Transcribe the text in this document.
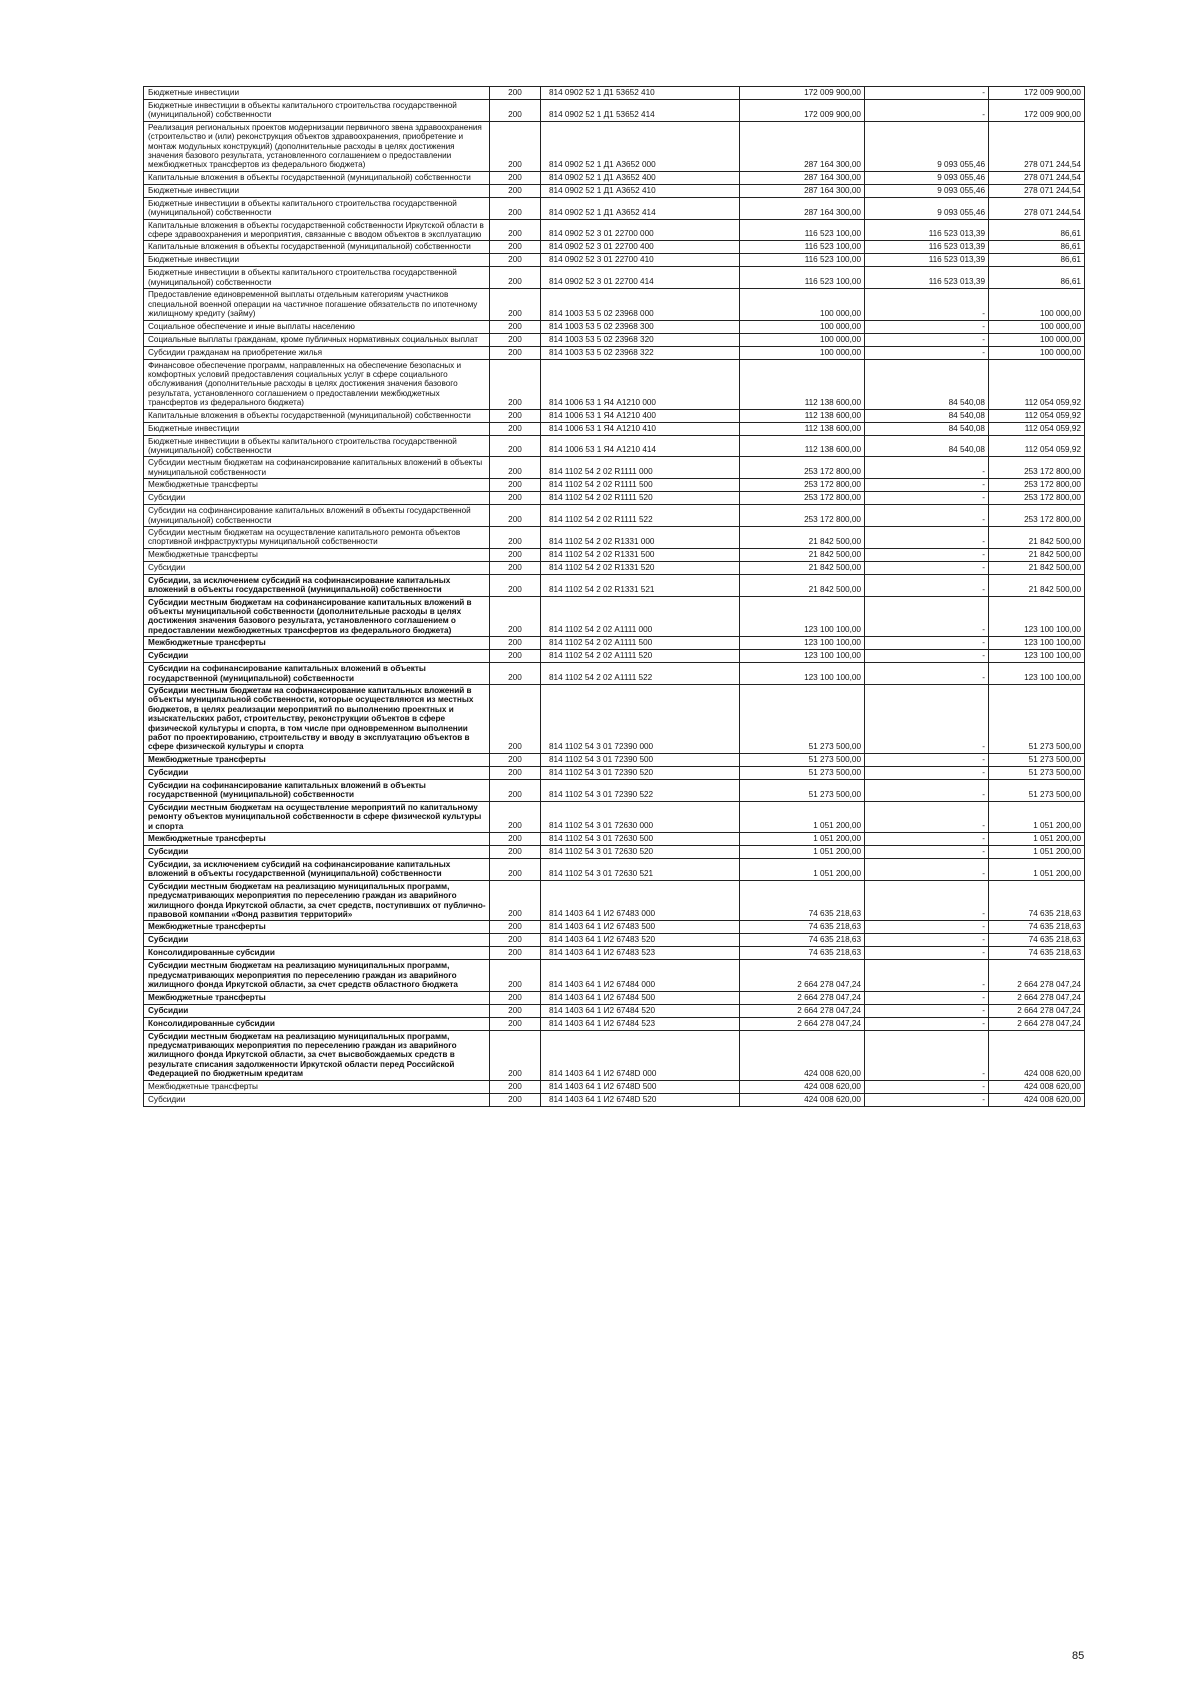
Бюджетные инвестиции	200	814 0902 52 1 Д1 53652 410	172 009 900,00	-	172 009 900,00
Бюджетные инвестиции в объекты капитального строительства государственной (муниципальной) собственности	200	814 0902 52 1 Д1 53652 414	172 009 900,00	-	172 009 900,00
Реализация региональных проектов модернизации первичного звена здравоохранения (строительство и (или) реконструкция объектов здравоохранения, приобретение и монтаж модульных конструкций) (дополнительные расходы в целях достижения значения базового результата, установленного соглашением о предоставлении межбюджетных трансфертов из федерального бюджета)	200	814 0902 52 1 Д1 А3652 000	287 164 300,00	9 093 055,46	278 071 244,54
Капитальные вложения в объекты государственной (муниципальной) собственности	200	814 0902 52 1 Д1 А3652 400	287 164 300,00	9 093 055,46	278 071 244,54
Бюджетные инвестиции	200	814 0902 52 1 Д1 А3652 410	287 164 300,00	9 093 055,46	278 071 244,54
Бюджетные инвестиции в объекты капитального строительства государственной (муниципальной) собственности	200	814 0902 52 1 Д1 А3652 414	287 164 300,00	9 093 055,46	278 071 244,54
Капитальные вложения в объекты государственной собственности Иркутской области в сфере здравоохранения и мероприятия, связанные с вводом объектов в эксплуатацию	200	814 0902 52 3 01 22700 000	116 523 100,00	116 523 013,39	86,61
Капитальные вложения в объекты государственной (муниципальной) собственности	200	814 0902 52 3 01 22700 400	116 523 100,00	116 523 013,39	86,61
Бюджетные инвестиции	200	814 0902 52 3 01 22700 410	116 523 100,00	116 523 013,39	86,61
Бюджетные инвестиции в объекты капитального строительства государственной (муниципальной) собственности	200	814 0902 52 3 01 22700 414	116 523 100,00	116 523 013,39	86,61
Предоставление единовременной выплаты отдельным категориям участников специальной военной операции на частичное погашение обязательств по ипотечному жилищному кредиту (займу)	200	814 1003 53 5 02 23968 000	100 000,00	-	100 000,00
Социальное обеспечение и иные выплаты населению	200	814 1003 53 5 02 23968 300	100 000,00	-	100 000,00
Социальные выплаты гражданам, кроме публичных нормативных социальных выплат	200	814 1003 53 5 02 23968 320	100 000,00	-	100 000,00
Субсидии гражданам на приобретение жилья	200	814 1003 53 5 02 23968 322	100 000,00	-	100 000,00
Финансовое обеспечение программ, направленных на обеспечение безопасных и комфортных условий предоставления социальных услуг в сфере социального обслуживания (дополнительные расходы в целях достижения значения базового результата, установленного соглашением о предоставлении межбюджетных трансфертов из федерального бюджета)	200	814 1006 53 1 Я4 А1210 000	112 138 600,00	84 540,08	112 054 059,92
Капитальные вложения в объекты государственной (муниципальной) собственности	200	814 1006 53 1 Я4 А1210 400	112 138 600,00	84 540,08	112 054 059,92
Бюджетные инвестиции	200	814 1006 53 1 Я4 А1210 410	112 138 600,00	84 540,08	112 054 059,92
Бюджетные инвестиции в объекты капитального строительства государственной (муниципальной) собственности	200	814 1006 53 1 Я4 А1210 414	112 138 600,00	84 540,08	112 054 059,92
Субсидии местным бюджетам на софинансирование капитальных вложений в объекты муниципальной собственности	200	814 1102 54 2 02 R1111 000	253 172 800,00	-	253 172 800,00
Межбюджетные трансферты	200	814 1102 54 2 02 R1111 500	253 172 800,00	-	253 172 800,00
Субсидии	200	814 1102 54 2 02 R1111 520	253 172 800,00	-	253 172 800,00
Субсидии на софинансирование капитальных вложений в объекты государственной (муниципальной) собственности	200	814 1102 54 2 02 R1111 522	253 172 800,00	-	253 172 800,00
Субсидии местным бюджетам на осуществление капитального ремонта объектов спортивной инфраструктуры муниципальной собственности	200	814 1102 54 2 02 R1331 000	21 842 500,00	-	21 842 500,00
Межбюджетные трансферты	200	814 1102 54 2 02 R1331 500	21 842 500,00	-	21 842 500,00
Субсидии	200	814 1102 54 2 02 R1331 520	21 842 500,00	-	21 842 500,00
Субсидии, за исключением субсидий на софинансирование капитальных вложений в объекты государственной (муниципальной) собственности	200	814 1102 54 2 02 R1331 521	21 842 500,00	-	21 842 500,00
Субсидии местным бюджетам на софинансирование капитальных вложений в объекты муниципальной собственности (дополнительные расходы в целях достижения значения базового результата, установленного соглашением о предоставлении межбюджетных трансфертов из федерального бюджета)	200	814 1102 54 2 02 А1111 000	123 100 100,00	-	123 100 100,00
Межбюджетные трансферты	200	814 1102 54 2 02 А1111 500	123 100 100,00	-	123 100 100,00
Субсидии	200	814 1102 54 2 02 А1111 520	123 100 100,00	-	123 100 100,00
Субсидии на софинансирование капитальных вложений в объекты государственной (муниципальной) собственности	200	814 1102 54 2 02 А1111 522	123 100 100,00	-	123 100 100,00
Субсидии местным бюджетам на софинансирование капитальных вложений в объекты муниципальной собственности, которые осуществляются из местных бюджетов, в целях реализации мероприятий по выполнению проектных и изыскательских работ, строительству, реконструкции объектов в сфере физической культуры и спорта, в том числе при одновременном выполнении работ по проектированию, строительству и вводу в эксплуатацию объектов в сфере физической культуры и спорта	200	814 1102 54 3 01 72390 000	51 273 500,00	-	51 273 500,00
Межбюджетные трансферты	200	814 1102 54 3 01 72390 500	51 273 500,00	-	51 273 500,00
Субсидии	200	814 1102 54 3 01 72390 520	51 273 500,00	-	51 273 500,00
Субсидии на софинансирование капитальных вложений в объекты государственной (муниципальной) собственности	200	814 1102 54 3 01 72390 522	51 273 500,00	-	51 273 500,00
Субсидии местным бюджетам на осуществление мероприятий по капитальному ремонту объектов муниципальной собственности в сфере физической культуры и спорта	200	814 1102 54 3 01 72630 000	1 051 200,00	-	1 051 200,00
Межбюджетные трансферты	200	814 1102 54 3 01 72630 500	1 051 200,00	-	1 051 200,00
Субсидии	200	814 1102 54 3 01 72630 520	1 051 200,00	-	1 051 200,00
Субсидии, за исключением субсидий на софинансирование капитальных вложений в объекты государственной (муниципальной) собственности	200	814 1102 54 3 01 72630 521	1 051 200,00	-	1 051 200,00
Субсидии местным бюджетам на реализацию муниципальных программ, предусматривающих мероприятия по переселению граждан из аварийного жилищного фонда Иркутской области, за счет средств, поступивших от публично-правовой компании «Фонд развития территорий»	200	814 1403 64 1 И2 67483 000	74 635 218,63	-	74 635 218,63
Межбюджетные трансферты	200	814 1403 64 1 И2 67483 500	74 635 218,63	-	74 635 218,63
Субсидии	200	814 1403 64 1 И2 67483 520	74 635 218,63	-	74 635 218,63
Консолидированные субсидии	200	814 1403 64 1 И2 67483 523	74 635 218,63	-	74 635 218,63
Субсидии местным бюджетам на реализацию муниципальных программ, предусматривающих мероприятия по переселению граждан из аварийного жилищного фонда Иркутской области, за счет средств областного бюджета	200	814 1403 64 1 И2 67484 000	2 664 278 047,24	-	2 664 278 047,24
Межбюджетные трансферты	200	814 1403 64 1 И2 67484 500	2 664 278 047,24	-	2 664 278 047,24
Субсидии	200	814 1403 64 1 И2 67484 520	2 664 278 047,24	-	2 664 278 047,24
Консолидированные субсидии	200	814 1403 64 1 И2 67484 523	2 664 278 047,24	-	2 664 278 047,24
Субсидии местным бюджетам на реализацию муниципальных программ, предусматривающих мероприятия по переселению граждан из аварийного жилищного фонда Иркутской области, за счет высвобождаемых средств в результате списания задолженности Иркутской области перед Российской Федерацией по бюджетным кредитам	200	814 1403 64 1 И2 6748D 000	424 008 620,00	-	424 008 620,00
Межбюджетные трансферты	200	814 1403 64 1 И2 6748D 500	424 008 620,00	-	424 008 620,00
Субсидии	200	814 1403 64 1 И2 6748D 520	424 008 620,00	-	424 008 620,00
85
